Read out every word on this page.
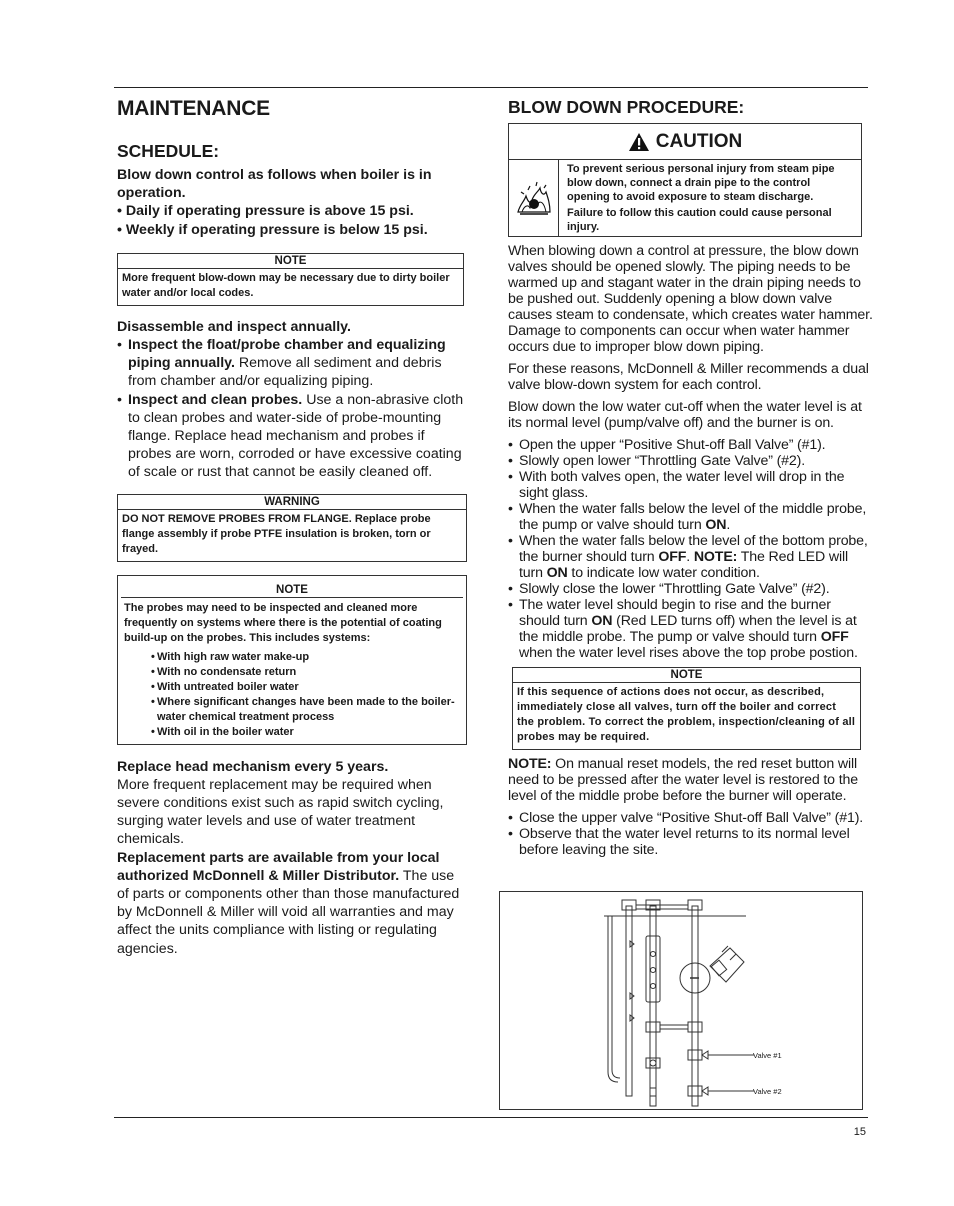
MAINTENANCE
SCHEDULE:

Blow down control as follows when boiler is in operation.

• Daily if operating pressure is above 15 psi.

• Weekly if operating pressure is below 15 psi.

NOTE
More frequent blow-down may be necessary due to dirty boiler water and/or local codes.

Disassemble and inspect annually.

• Inspect the float/probe chamber and equalizing piping annually. Remove all sediment and debris from chamber and/or equalizing piping.
• Inspect and clean probes. Use a non-abrasive cloth to clean probes and water-side of probe-mounting flange. Replace head mechanism and probes if probes are worn, corroded or have excessive coating of scale or rust that cannot be easily cleaned off.
WARNING
DO NOT REMOVE PROBES FROM FLANGE. Replace probe flange assembly if probe PTFE insulation is broken, torn or frayed.
NOTE
The probes may need to be inspected and cleaned more frequently on systems where there is the potential of coating build-up on the probes. This includes systems:
• With high raw water make-up
• With no condensate return
• With untreated boiler water
• Where significant changes have been made to the boiler-water chemical treatment process
• With oil in the boiler water

Replace head mechanism every 5 years.

More frequent replacement may be required when severe conditions exist such as rapid switch cycling, surging water levels and use of water treatment chemicals.

Replacement parts are available from your local authorized McDonnell & Miller Distributor. The use of parts or components other than those manufactured by McDonnell & Miller will void all warranties and may affect the units compliance with listing or regulating agencies.

BLOW DOWN PROCEDURE:
CAUTION
To prevent serious personal injury from steam pipe blow down, connect a drain pipe to the control opening to avoid exposure to steam discharge.
Failure to follow this caution could cause personal injury.

When blowing down a control at pressure, the blow down valves should be opened slowly. The piping needs to be warmed up and stagant water in the drain piping needs to be pushed out. Suddenly opening a blow down valve causes steam to condensate, which creates water hammer. Damage to components can occur when water hammer occurs due to improper blow down piping.

For these reasons, McDonnell & Miller recommends a dual valve blow-down system for each control.

Blow down the low water cut-off when the water level is at its normal level (pump/valve off) and the burner is on.

• Open the upper “Positive Shut-off Ball Valve” (#1).
• Slowly open lower “Throttling Gate Valve” (#2).
• With both valves open, the water level will drop in the sight glass.
• When the water falls below the level of the middle probe, the pump or valve should turn ON.
• When the water falls below the level of the bottom probe, the burner should turn OFF. NOTE: The Red LED will turn ON to indicate low water condition.
• Slowly close the lower “Throttling Gate Valve” (#2).
• The water level should begin to rise and the burner should turn ON (Red LED turns off) when the level is at the middle probe. The pump or valve should turn OFF when the water level rises above the top probe postion.
NOTE
If this sequence of actions does not occur, as described, immediately close all valves, turn off the boiler and correct the problem. To correct the problem, inspection/cleaning of all probes may be required.

NOTE: On manual reset models, the red reset button will need to be pressed after the water level is restored to the level of the middle probe before the burner will operate.

• Close the upper valve “Positive Shut-off Ball Valve” (#1).
• Observe that the water level returns to its normal level before leaving the site.
Valve #1
Valve #2
15
